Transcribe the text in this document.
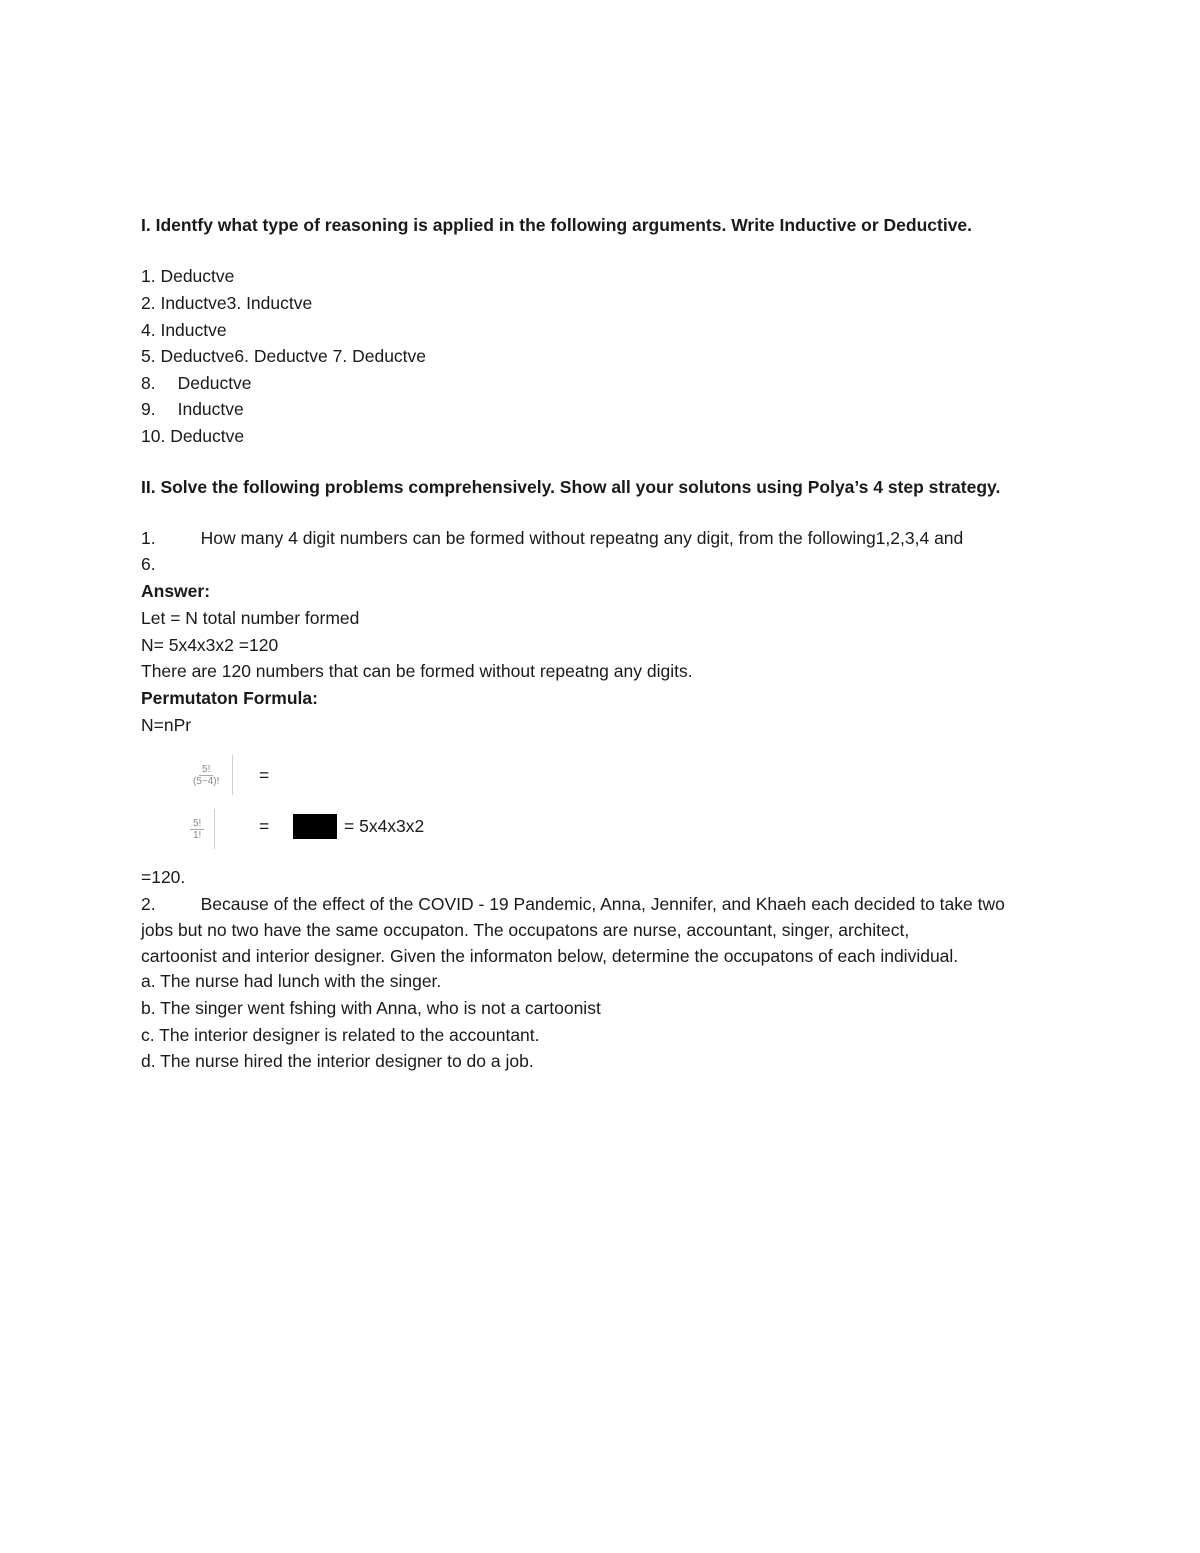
I. Identfy what type of reasoning is applied in the following arguments. Write Inductive or Deductive.
1. Deductve
2. Inductve3. Inductve
4. Inductve
5. Deductve6. Deductve 7. Deductve
8. Deductve
9. Inductve
10. Deductve
II. Solve the following problems comprehensively. Show all your solutons using Polya’s 4 step strategy.
1.	How many 4 digit numbers can be formed without repeatng any digit, from the following1,2,3,4 and
6.
Answer:
Let = N total number formed
N= 5x4x3x2 =120
There are 120 numbers that can be formed without repeatng any digits.
Permutaton Formula:
N=nPr
$\frac{5!}{(5-4)!}$ =
$\frac{5!}{1!}$	=	= 5x4x3x2
=120.
2.	Because of the effect of the COVID - 19 Pandemic, Anna, Jennifer, and Khaeh each decided to take two
jobs but no two have the same occupaton. The occupatons are nurse, accountant, singer, architect,
cartoonist and interior designer. Given the informaton below, determine the occupatons of each individual.
a. The nurse had lunch with the singer.
b. The singer went fshing with Anna, who is not a cartoonist
c. The interior designer is related to the accountant.
d. The nurse hired the interior designer to do a job.
